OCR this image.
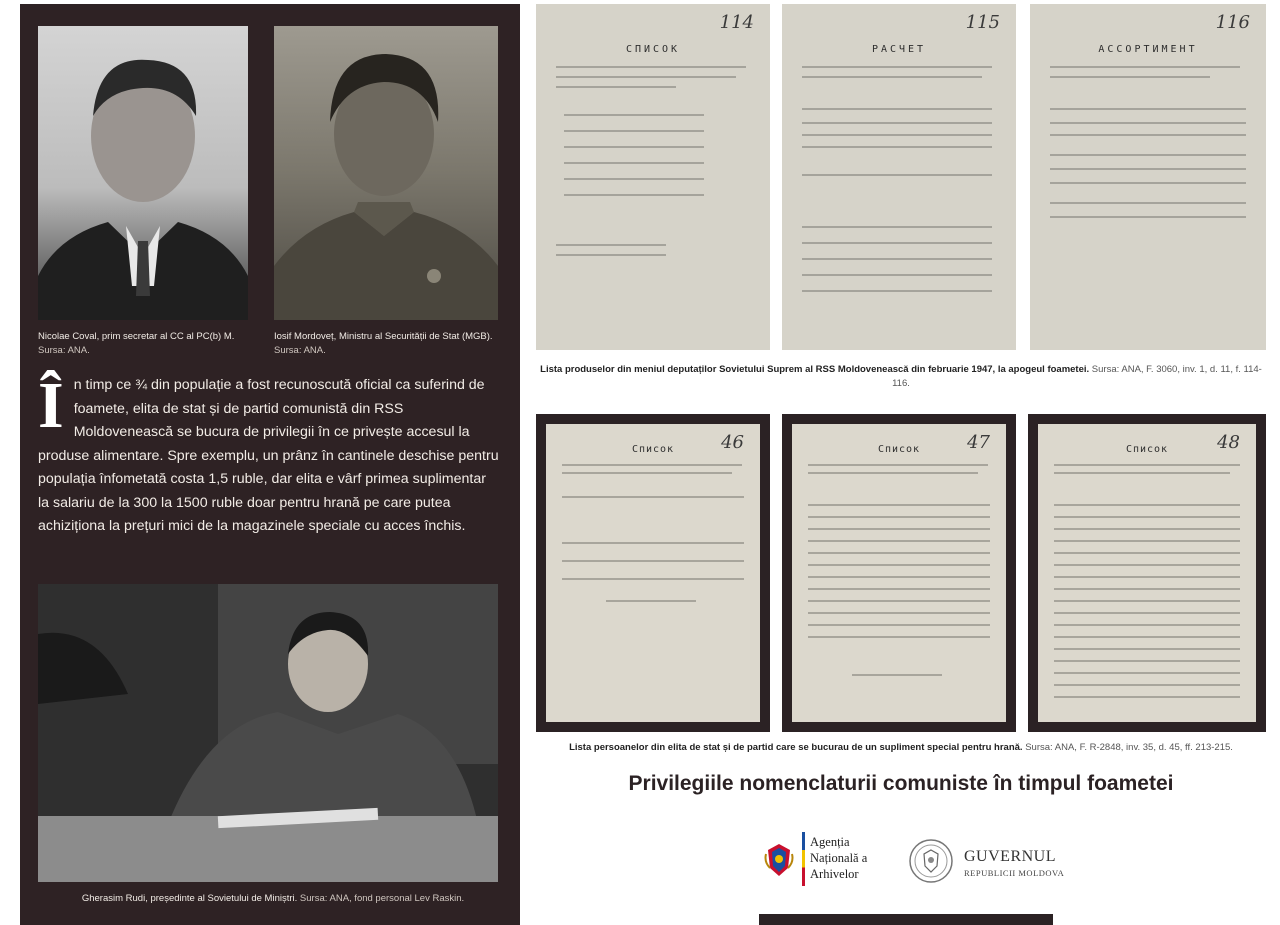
Nicolae Coval, prim secretar al CC al PC(b) M.
Sursa: ANA.
Iosif Mordoveț, Ministru al Securității de Stat (MGB). Sursa: ANA.
Î n timp ce ¾ din populație a fost recunoscută oficial ca suferind de foamete, elita de stat și de partid comunistă din RSS Moldovenească se bucura de privilegii în ce privește accesul la produse alimentare. Spre exemplu, un prânz în cantinele deschise pentru populația înfometată costa 1,5 ruble, dar elita e vârf primea suplimentar la salariu de la 300 la 1500 ruble doar pentru hrană pe care putea achiziționa la prețuri mici de la magazinele speciale cu acces închis.
Gherasim Rudi, președinte al Sovietului de Miniștri. Sursa: ANA, fond personal Lev Raskin.
114
СПИСОК
115
РАСЧЕТ
116
АССОРТИМЕНТ
Lista produselor din meniul deputaților Sovietului Suprem al RSS Moldovenească din februarie 1947, la apogeul foametei. Sursa: ANA, F. 3060, inv. 1, d. 11, f. 114-116.
46
Список	47
Список	48
Список
Lista persoanelor din elita de stat și de partid care se bucurau de un supliment special pentru hrană. Sursa: ANA, F. R-2848, inv. 35, d. 45, ff. 213-215.
Privilegiile nomenclaturii comuniste în timpul foametei
Agenția
Națională a
Arhivelor
GUVERNUL
REPUBLICII MOLDOVA
